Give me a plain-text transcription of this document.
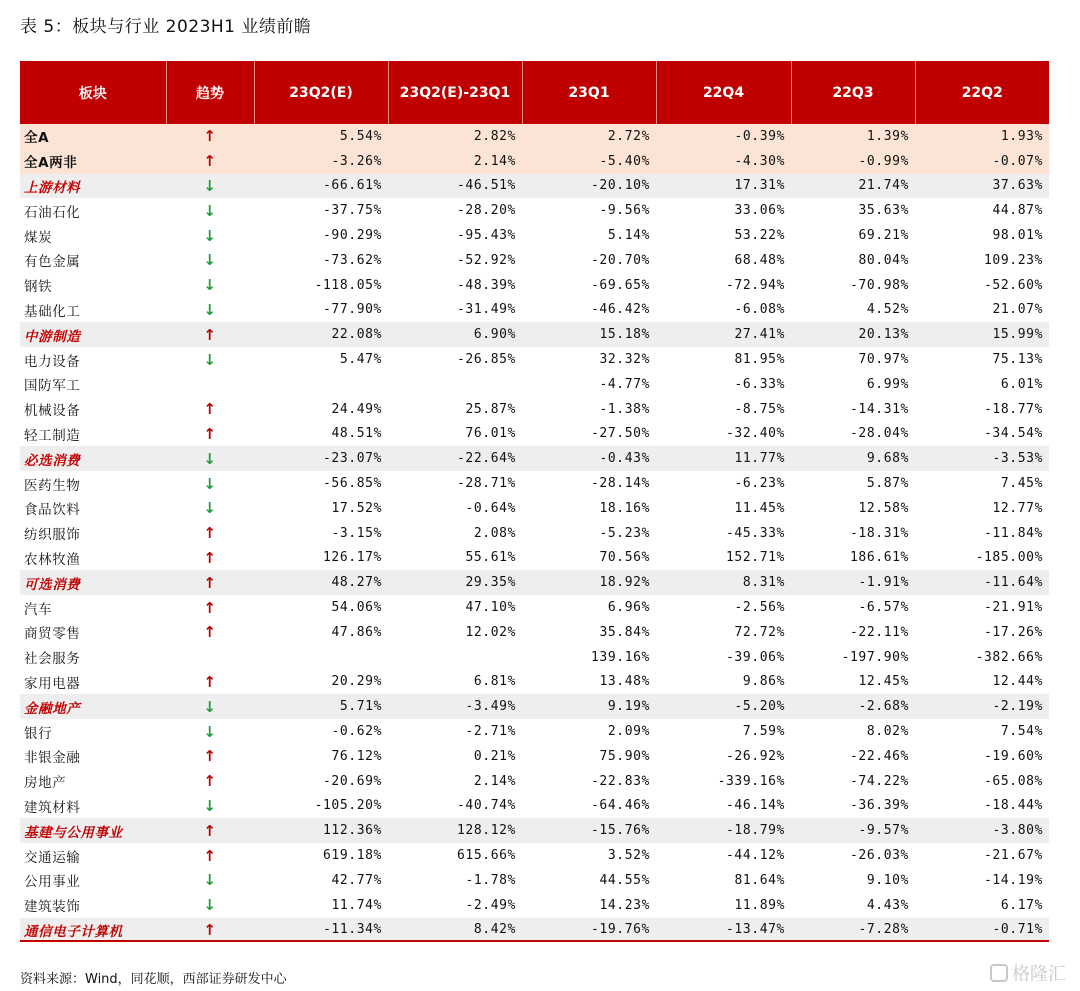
表 5：板块与行业 2023H1 业绩前瞻
板块	趋势	23Q2(E)	23Q2(E)-23Q1	23Q1	22Q4	22Q3	22Q2
全A	↑	5.54%	2.82%	2.72%	-0.39%	1.39%	1.93%
全A两非	↑	-3.26%	2.14%	-5.40%	-4.30%	-0.99%	-0.07%
上游材料	↓	-66.61%	-46.51%	-20.10%	17.31%	21.74%	37.63%
石油石化	↓	-37.75%	-28.20%	-9.56%	33.06%	35.63%	44.87%
煤炭	↓	-90.29%	-95.43%	5.14%	53.22%	69.21%	98.01%
有色金属	↓	-73.62%	-52.92%	-20.70%	68.48%	80.04%	109.23%
钢铁	↓	-118.05%	-48.39%	-69.65%	-72.94%	-70.98%	-52.60%
基础化工	↓	-77.90%	-31.49%	-46.42%	-6.08%	4.52%	21.07%
中游制造	↑	22.08%	6.90%	15.18%	27.41%	20.13%	15.99%
电力设备	↓	5.47%	-26.85%	32.32%	81.95%	70.97%	75.13%
国防军工				-4.77%	-6.33%	6.99%	6.01%
机械设备	↑	24.49%	25.87%	-1.38%	-8.75%	-14.31%	-18.77%
轻工制造	↑	48.51%	76.01%	-27.50%	-32.40%	-28.04%	-34.54%
必选消费	↓	-23.07%	-22.64%	-0.43%	11.77%	9.68%	-3.53%
医药生物	↓	-56.85%	-28.71%	-28.14%	-6.23%	5.87%	7.45%
食品饮料	↓	17.52%	-0.64%	18.16%	11.45%	12.58%	12.77%
纺织服饰	↑	-3.15%	2.08%	-5.23%	-45.33%	-18.31%	-11.84%
农林牧渔	↑	126.17%	55.61%	70.56%	152.71%	186.61%	-185.00%
可选消费	↑	48.27%	29.35%	18.92%	8.31%	-1.91%	-11.64%
汽车	↑	54.06%	47.10%	6.96%	-2.56%	-6.57%	-21.91%
商贸零售	↑	47.86%	12.02%	35.84%	72.72%	-22.11%	-17.26%
社会服务				139.16%	-39.06%	-197.90%	-382.66%
家用电器	↑	20.29%	6.81%	13.48%	9.86%	12.45%	12.44%
金融地产	↓	5.71%	-3.49%	9.19%	-5.20%	-2.68%	-2.19%
银行	↓	-0.62%	-2.71%	2.09%	7.59%	8.02%	7.54%
非银金融	↑	76.12%	0.21%	75.90%	-26.92%	-22.46%	-19.60%
房地产	↑	-20.69%	2.14%	-22.83%	-339.16%	-74.22%	-65.08%
建筑材料	↓	-105.20%	-40.74%	-64.46%	-46.14%	-36.39%	-18.44%
基建与公用事业	↑	112.36%	128.12%	-15.76%	-18.79%	-9.57%	-3.80%
交通运输	↑	619.18%	615.66%	3.52%	-44.12%	-26.03%	-21.67%
公用事业	↓	42.77%	-1.78%	44.55%	81.64%	9.10%	-14.19%
建筑装饰	↓	11.74%	-2.49%	14.23%	11.89%	4.43%	6.17%
通信电子计算机	↑	-11.34%	8.42%	-19.76%	-13.47%	-7.28%	-0.71%
资料来源：Wind，同花顺，西部证券研发中心	格隆汇
